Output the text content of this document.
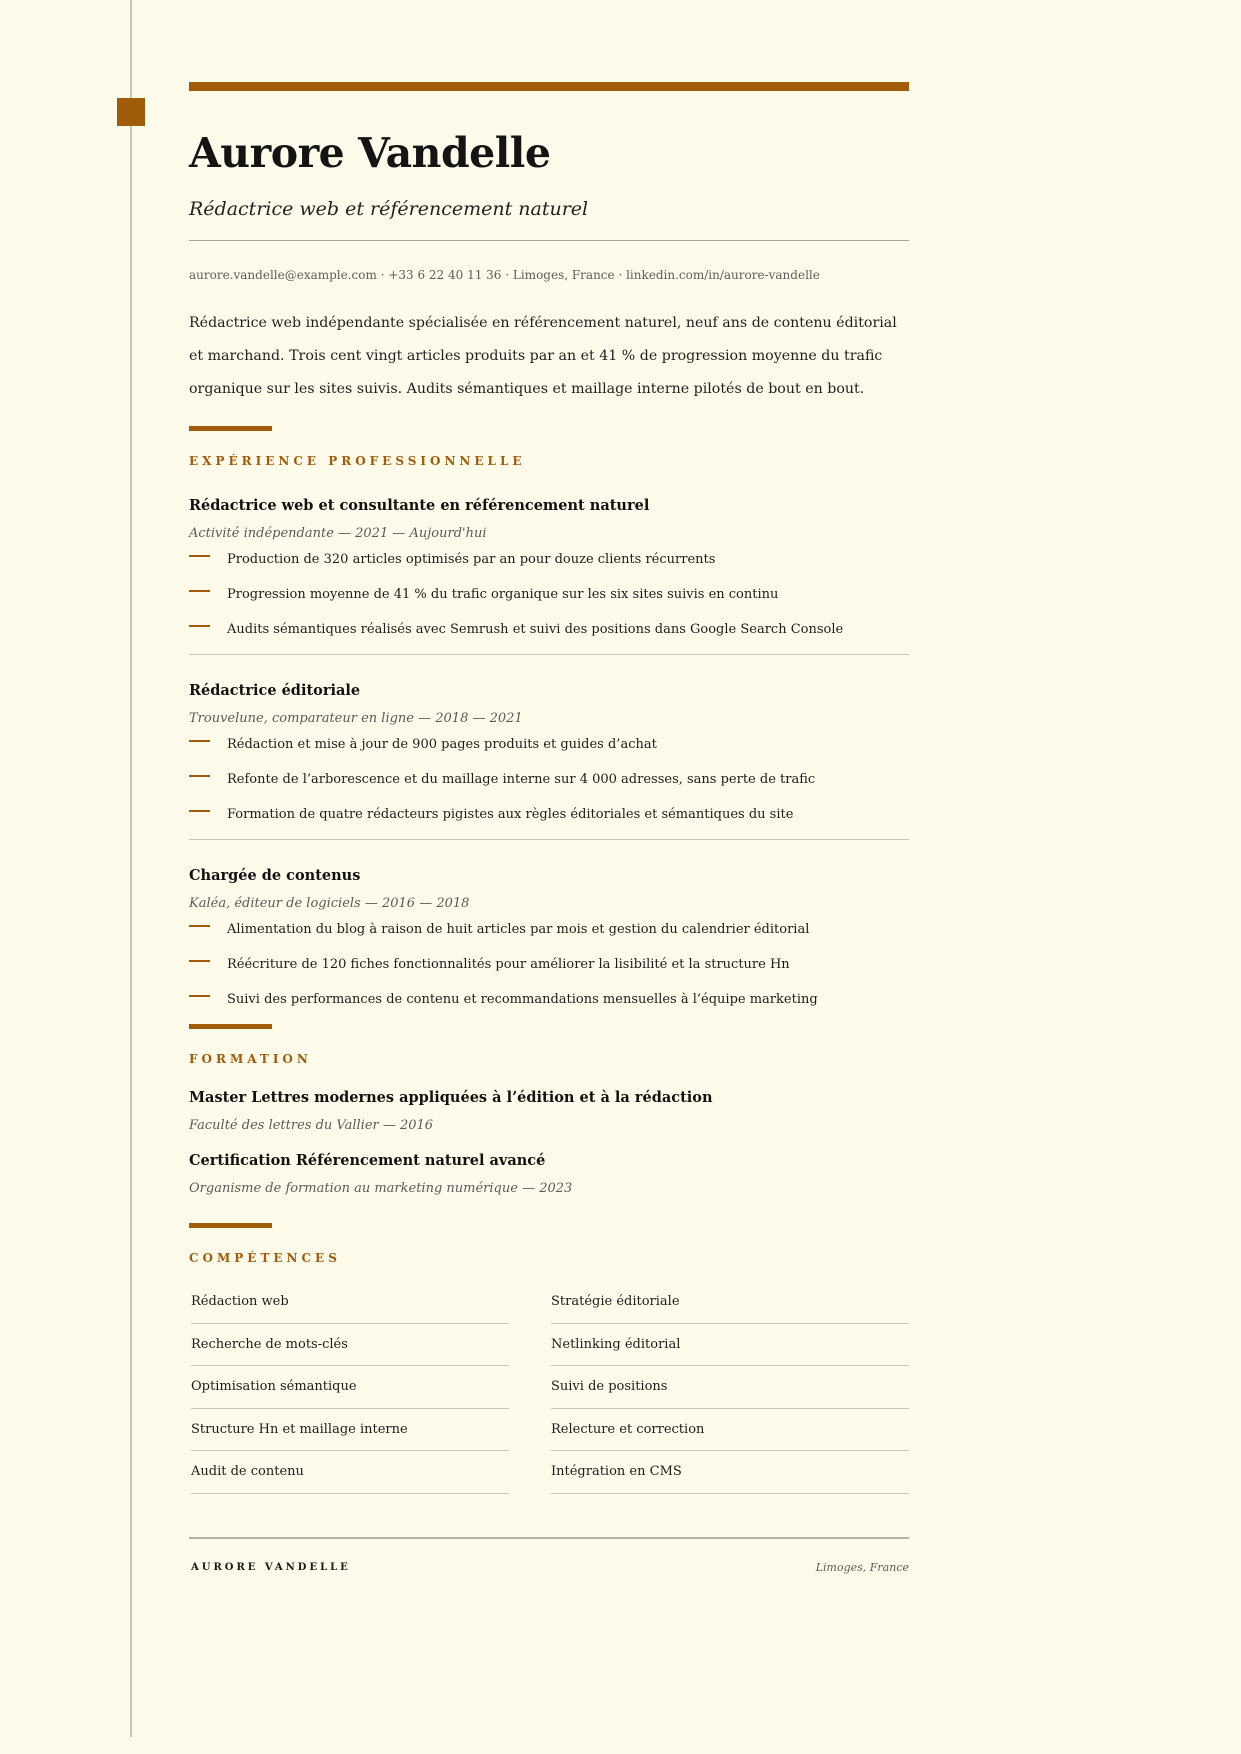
Aurore Vandelle
Rédactrice web et référencement naturel
aurore.vandelle@example.com · +33 6 22 40 11 36 · Limoges, France · linkedin.com/in/aurore-vandelle

Rédactrice web indépendante spécialisée en référencement naturel, neuf ans de contenu éditorial et marchand. Trois cent vingt articles produits par an et 41 % de progression moyenne du trafic organique sur les sites suivis. Audits sémantiques et maillage interne pilotés de bout en bout.

EXPÉRIENCE PROFESSIONNELLE
Rédactrice web et consultante en référencement naturel
Activité indépendante — 2021 — Aujourd'hui
Production de 320 articles optimisés par an pour douze clients récurrents
Progression moyenne de 41 % du trafic organique sur les six sites suivis en continu
Audits sémantiques réalisés avec Semrush et suivi des positions dans Google Search Console
Rédactrice éditoriale
Trouvelune, comparateur en ligne — 2018 — 2021
Rédaction et mise à jour de 900 pages produits et guides d’achat
Refonte de l’arborescence et du maillage interne sur 4 000 adresses, sans perte de trafic
Formation de quatre rédacteurs pigistes aux règles éditoriales et sémantiques du site
Chargée de contenus
Kaléa, éditeur de logiciels — 2016 — 2018
Alimentation du blog à raison de huit articles par mois et gestion du calendrier éditorial
Réécriture de 120 fiches fonctionnalités pour améliorer la lisibilité et la structure Hn
Suivi des performances de contenu et recommandations mensuelles à l’équipe marketing
FORMATION
Master Lettres modernes appliquées à l’édition et à la rédaction
Faculté des lettres du Vallier — 2016
Certification Référencement naturel avancé
Organisme de formation au marketing numérique — 2023
COMPÉTENCES
Rédaction web	Stratégie éditoriale
Recherche de mots-clés	Netlinking éditorial
Optimisation sémantique	Suivi de positions
Structure Hn et maillage interne	Relecture et correction
Audit de contenu	Intégration en CMS
AURORE VANDELLE	Limoges, France
